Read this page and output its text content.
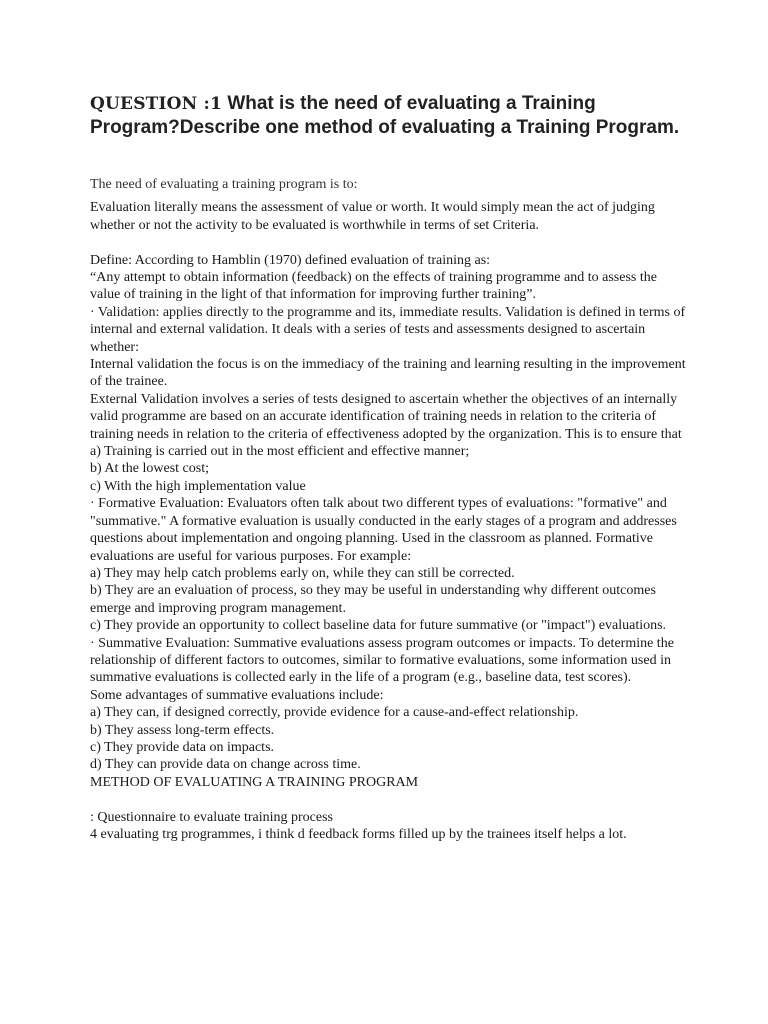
QUESTION :1 What is the need of evaluating a Training Program?Describe one method of evaluating a Training Program.

The need of evaluating a training program is to:

Evaluation literally means the assessment of value or worth. It would simply mean the act of judging whether or not the activity to be evaluated is worthwhile in terms of set Criteria.

Define: According to Hamblin (1970) defined evaluation of training as:

“Any attempt to obtain information (feedback) on the effects of training programme and to assess the value of training in the light of that information for improving further training”.

· Validation: applies directly to the programme and its, immediate results. Validation is defined in terms of internal and external validation. It deals with a series of tests and assessments designed to ascertain whether:

Internal validation the focus is on the immediacy of the training and learning resulting in the improvement of the trainee.

External Validation involves a series of tests designed to ascertain whether the objectives of an internally valid programme are based on an accurate identification of training needs in relation to the criteria of training needs in relation to the criteria of effectiveness adopted by the organization. This is to ensure that

a) Training is carried out in the most efficient and effective manner;

b) At the lowest cost;

c) With the high implementation value

· Formative Evaluation: Evaluators often talk about two different types of evaluations: "formative" and "summative." A formative evaluation is usually conducted in the early stages of a program and addresses questions about implementation and ongoing planning. Used in the classroom as planned. Formative evaluations are useful for various purposes. For example:

a) They may help catch problems early on, while they can still be corrected.

b) They are an evaluation of process, so they may be useful in understanding why different outcomes emerge and improving program management.

c) They provide an opportunity to collect baseline data for future summative (or "impact") evaluations.

· Summative Evaluation: Summative evaluations assess program outcomes or impacts. To determine the relationship of different factors to outcomes, similar to formative evaluations, some information used in summative evaluations is collected early in the life of a program (e.g., baseline data, test scores).

Some advantages of summative evaluations include:

a) They can, if designed correctly, provide evidence for a cause-and-effect relationship.

b) They assess long-term effects.

c) They provide data on impacts.

d) They can provide data on change across time.

METHOD OF EVALUATING A TRAINING PROGRAM

: Questionnaire to evaluate training process

4 evaluating trg programmes, i think d feedback forms filled up by the trainees itself helps a lot.
